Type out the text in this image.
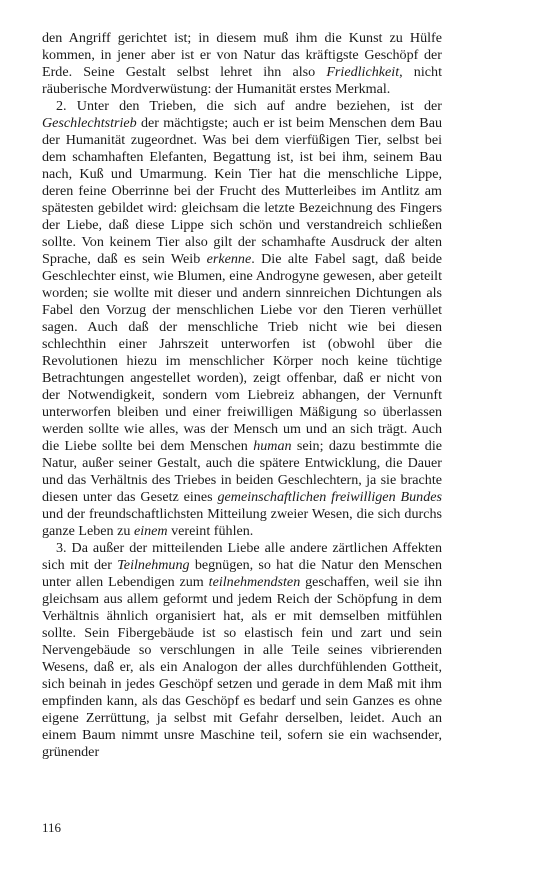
den Angriff gerichtet ist; in diesem muß ihm die Kunst zu Hülfe kommen, in jener aber ist er von Natur das kräftigste Geschöpf der Erde. Seine Gestalt selbst lehret ihn also Friedlichkeit, nicht räuberische Mordverwüstung: der Humanität erstes Merkmal.

2. Unter den Trieben, die sich auf andre beziehen, ist der Geschlechtstrieb der mächtigste; auch er ist beim Menschen dem Bau der Humanität zugeordnet. Was bei dem vierfüßigen Tier, selbst bei dem schamhaften Elefanten, Begattung ist, ist bei ihm, seinem Bau nach, Kuß und Umarmung. Kein Tier hat die menschliche Lippe, deren feine Oberrinne bei der Frucht des Mutterleibes im Antlitz am spätesten gebildet wird: gleichsam die letzte Bezeichnung des Fingers der Liebe, daß diese Lippe sich schön und verstandreich schließen sollte. Von keinem Tier also gilt der schamhafte Ausdruck der alten Sprache, daß es sein Weib erkenne. Die alte Fabel sagt, daß beide Geschlechter einst, wie Blumen, eine Androgyne gewesen, aber geteilt worden; sie wollte mit dieser und andern sinnreichen Dichtungen als Fabel den Vorzug der menschlichen Liebe vor den Tieren verhüllet sagen. Auch daß der menschliche Trieb nicht wie bei diesen schlechthin einer Jahrszeit unterworfen ist (obwohl über die Revolutionen hiezu im menschlicher Körper noch keine tüchtige Betrachtungen angestellet worden), zeigt offenbar, daß er nicht von der Notwendigkeit, sondern vom Liebreiz abhangen, der Vernunft unterworfen bleiben und einer freiwilligen Mäßigung so überlassen werden sollte wie alles, was der Mensch um und an sich trägt. Auch die Liebe sollte bei dem Menschen human sein; dazu bestimmte die Natur, außer seiner Gestalt, auch die spätere Entwicklung, die Dauer und das Verhältnis des Triebes in beiden Geschlechtern, ja sie brachte diesen unter das Gesetz eines gemeinschaftlichen freiwilligen Bundes und der freundschaftlichsten Mitteilung zweier Wesen, die sich durchs ganze Leben zu einem vereint fühlen.

3. Da außer der mitteilenden Liebe alle andere zärtlichen Affekten sich mit der Teilnehmung begnügen, so hat die Natur den Menschen unter allen Lebendigen zum teilnehmendsten geschaffen, weil sie ihn gleichsam aus allem geformt und jedem Reich der Schöpfung in dem Verhältnis ähnlich organisiert hat, als er mit demselben mitfühlen sollte. Sein Fibergebäude ist so elastisch fein und zart und sein Nervengebäude so verschlungen in alle Teile seines vibrierenden Wesens, daß er, als ein Analogon der alles durchfühlenden Gottheit, sich beinah in jedes Geschöpf setzen und gerade in dem Maß mit ihm empfinden kann, als das Geschöpf es bedarf und sein Ganzes es ohne eigene Zerrüttung, ja selbst mit Gefahr derselben, leidet. Auch an einem Baum nimmt unsre Maschine teil, sofern sie ein wachsender, grünender

116
